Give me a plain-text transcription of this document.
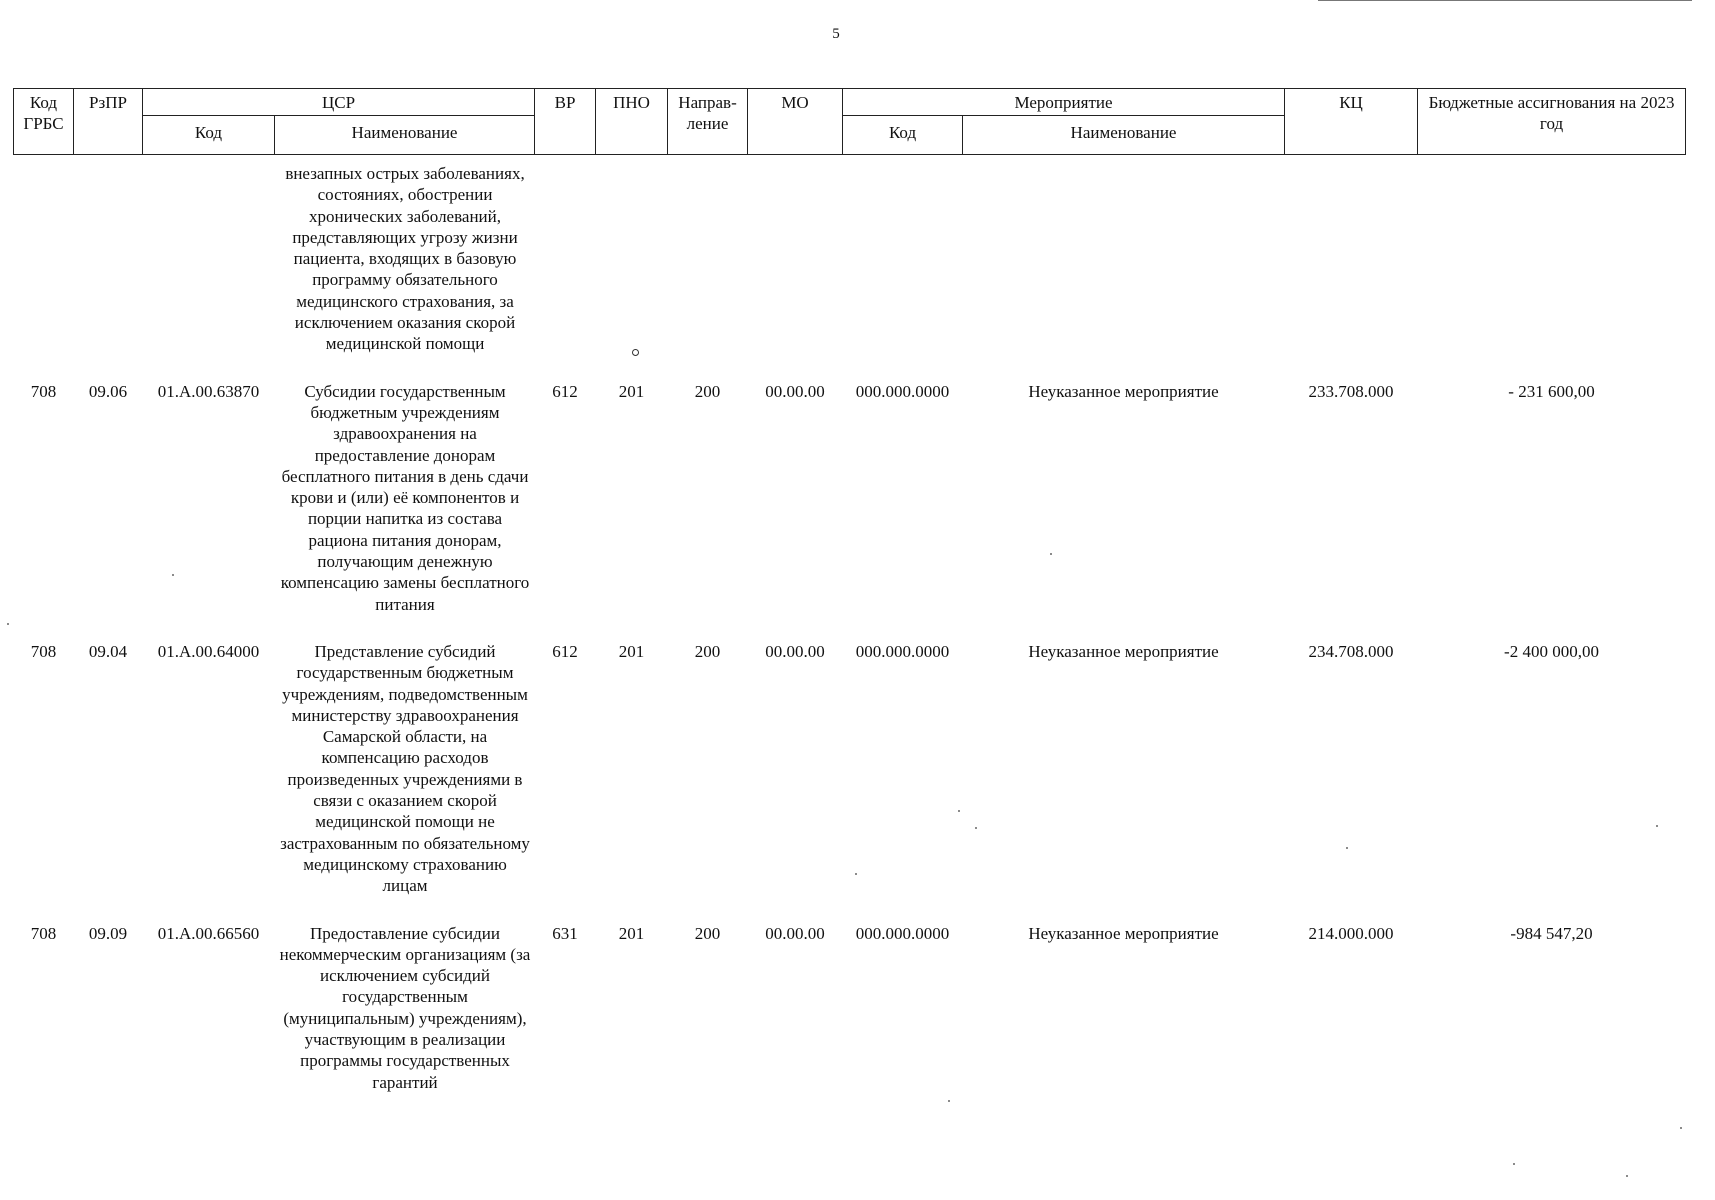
5
Код ГРБС	РзПР	ЦСР		ВР	ПНО	Направ-ление	МО	Мероприятие		КЦ	Бюджетные ассигнования на 2023 год
		Код	Наименование					Код	Наименование		
			внезапных острых заболеваниях, состояниях, обострении хронических заболеваний, представляющих угрозу жизни пациента, входящих в базовую программу обязательного медицинского страхования, за исключением оказания скорой медицинской помощи								
708	09.06	01.А.00.63870	Субсидии государственным бюджетным учреждениям здравоохранения на предоставление донорам бесплатного питания в день сдачи крови и (или) её компонентов и порции напитка из состава рациона питания донорам, получающим денежную компенсацию замены бесплатного питания	612	201	200	00.00.00	000.000.0000	Неуказанное мероприятие	233.708.000	- 231 600,00
708	09.04	01.А.00.64000	Представление субсидий государственным бюджетным учреждениям, подведомственным министерству здравоохранения Самарской области, на компенсацию расходов произведенных учреждениями в связи с оказанием скорой медицинской помощи не застрахованным по обязательному медицинскому страхованию лицам	612	201	200	00.00.00	000.000.0000	Неуказанное мероприятие	234.708.000	-2 400 000,00
708	09.09	01.А.00.66560	Предоставление субсидии некоммерческим организациям (за исключением субсидий государственным (муниципальным) учреждениям), участвующим в реализации программы государственных гарантий	631	201	200	00.00.00	000.000.0000	Неуказанное мероприятие	214.000.000	-984 547,20
